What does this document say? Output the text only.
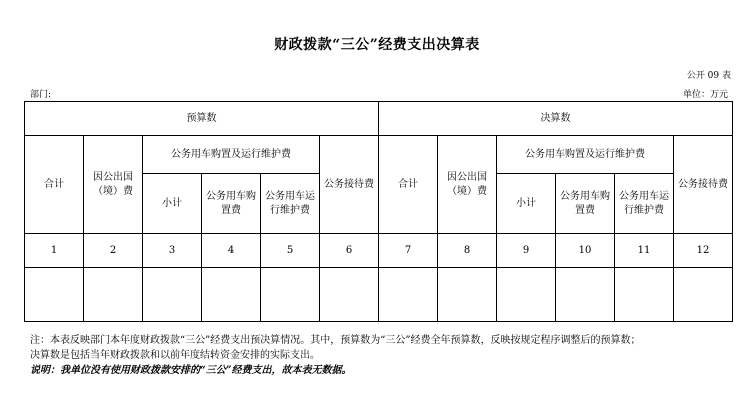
财政拨款“三公”经费支出决算表
公开 09 表
部门:	单位：万元
预算数						决算数					
合计	因公出国（境）费	公务用车购置及运行维护费			公务接待费	合计	因公出国（境）费	公务用车购置及运行维护费			公务接待费
		小计	公务用车购置费	公务用车运行维护费				小计	公务用车购置费	公务用车运行维护费	
1	2	3	4	5	6	7	8	9	10	11	12

注：本表反映部门本年度财政拨款“三公”经费支出预决算情况。其中，预算数为“三公”经费全年预算数，反映按规定程序调整后的预算数；
决算数是包括当年财政拨款和以前年度结转资金安排的实际支出。
说明：我单位没有使用财政拨款安排的“三公”经费支出，故本表无数据。
